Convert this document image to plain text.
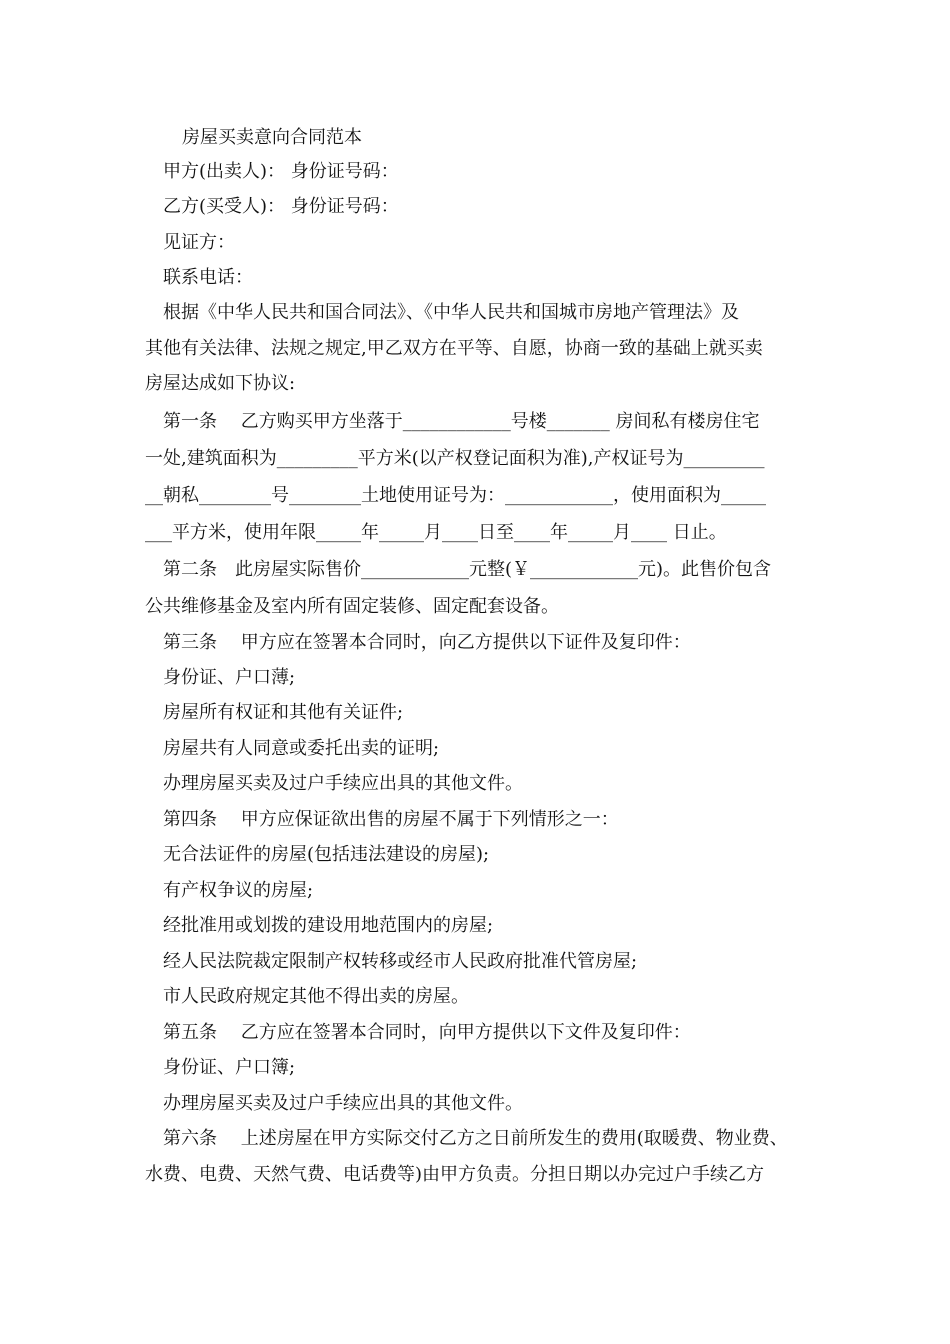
房屋买卖意向合同范本
甲方(出卖人)： 身份证号码：
乙方(买受人)： 身份证号码：
见证方：
联系电话：
根据《中华人民共和国合同法》、《中华人民共和国城市房地产管理法》及
其他有关法律、法规之规定,甲乙双方在平等、自愿，协商一致的基础上就买卖
房屋达成如下协议:
第一条　 乙方购买甲方坐落于____________号楼_______ 房间私有楼房住宅
一处,建筑面积为_________平方米(以产权登记面积为准),产权证号为_________
__朝私________号________土地使用证号为：____________，使用面积为_____
___平方米，使用年限_____年_____月____日至____年_____月____ 日止。
第二条　此房屋实际售价____________元整(￥____________元)。此售价包含
公共维修基金及室内所有固定装修、固定配套设备。
第三条　 甲方应在签署本合同时，向乙方提供以下证件及复印件：
身份证、户口薄;
房屋所有权证和其他有关证件;
房屋共有人同意或委托出卖的证明;
办理房屋买卖及过户手续应出具的其他文件。
第四条　 甲方应保证欲出售的房屋不属于下列情形之一：
无合法证件的房屋(包括违法建设的房屋);
有产权争议的房屋;
经批准用或划拨的建设用地范围内的房屋;
经人民法院裁定限制产权转移或经市人民政府批准代管房屋;
市人民政府规定其他不得出卖的房屋。
第五条　 乙方应在签署本合同时，向甲方提供以下文件及复印件：
身份证、户口簿;
办理房屋买卖及过户手续应出具的其他文件。
第六条　 上述房屋在甲方实际交付乙方之日前所发生的费用(取暖费、物业费、
水费、电费、天然气费、电话费等)由甲方负责。分担日期以办完过户手续乙方
